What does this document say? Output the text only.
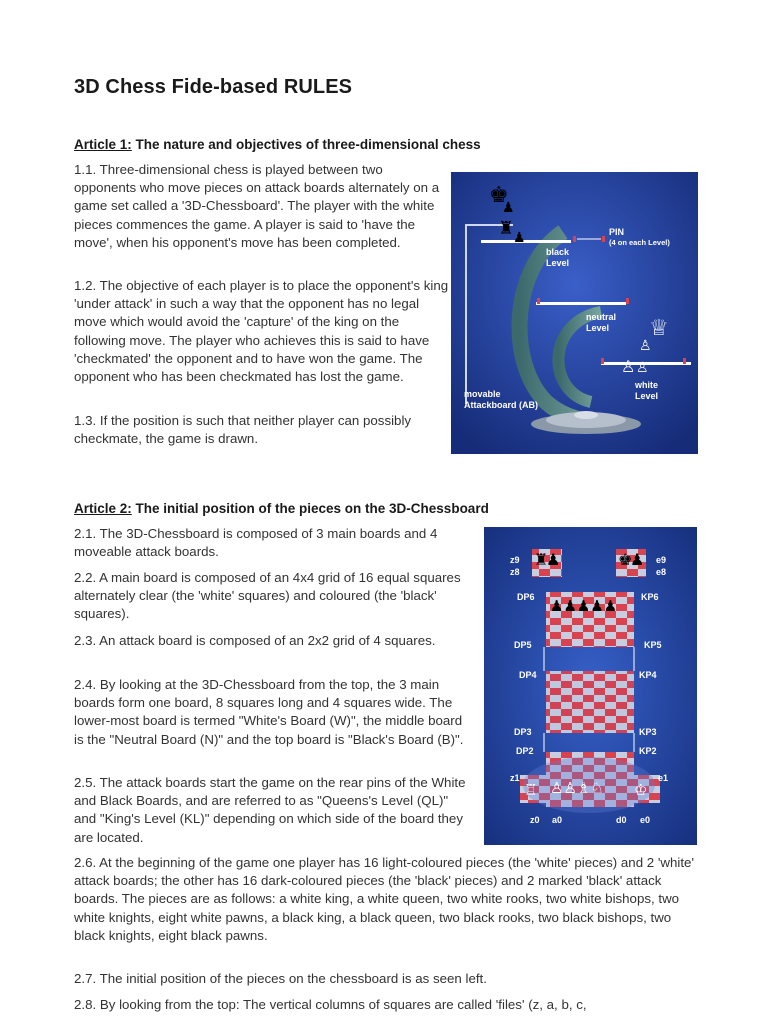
3D Chess Fide-based RULES
Article 1: The nature and objectives of three-dimensional chess

1.1. Three-dimensional chess is played between two opponents who move pieces on attack boards alternately on a game set called a '3D-Chessboard'. The player with the white pieces commences the game. A player is said to 'have the move', when his opponent's move has been completed.

1.2. The objective of each player is to place the opponent's king 'under attack' in such a way that the opponent has no legal move which would avoid the 'capture' of the king on the following move. The player who achieves this is said to have 'checkmated' the opponent and to have won the game. The opponent who has been checkmated has lost the game.

1.3. If the position is such that neither player can possibly checkmate, the game is drawn.

♚
♟
♜
♟
♕
♙
♙ ♙
PIN
(4 on each Level)
black
Level
neutral
Level
white
Level
movable
Attackboard (AB)
Article 2: The initial position of the pieces on the 3D-Chessboard

2.1. The 3D-Chessboard is composed of 3 main boards and 4 moveable attack boards.

2.2. A main board is composed of an 4x4 grid of 16 equal squares alternately clear (the 'white' squares) and coloured (the 'black' squares).

2.3. An attack board is composed of an 2x2 grid of 4 squares.

2.4. By looking at the 3D-Chessboard from the top, the 3 main boards form one board, 8 squares long and 4 squares wide. The lower-most board is termed "White's Board (W)", the middle board is the "Neutral Board (N)" and the top board is "Black's Board (B)".

2.5. The attack boards start the game on the rear pins of the White and Black Boards, and are referred to as "Queens's Level (QL)" and "King's Level (KL)" depending on which side of the board they are located.

2.6. At the beginning of the game one player has 16 light-coloured pieces (the 'white' pieces) and 2 'white' attack boards; the other has 16 dark-coloured pieces (the 'black' pieces) and 2 marked 'black' attack boards. The pieces are as follows: a white king, a white queen, two white rooks, two white bishops, two white knights, eight white pawns, a black king, a black queen, two black rooks, two black bishops, two black knights, eight black pawns.

2.7. The initial position of the pieces on the chessboard is as seen left.

2.8. By looking from the top: The vertical columns of squares are called 'files' (z, a, b, c,

♜
♟	♚
♟
♟♟♟♟♟
♖ ♙♙♗♘ ♔
z9
z8
e9
e8
DP6	KP6
DP5	KP5
DP4	KP4
DP3	KP3
DP2	KP2
z1	e1
z0 a0	d0 e0
